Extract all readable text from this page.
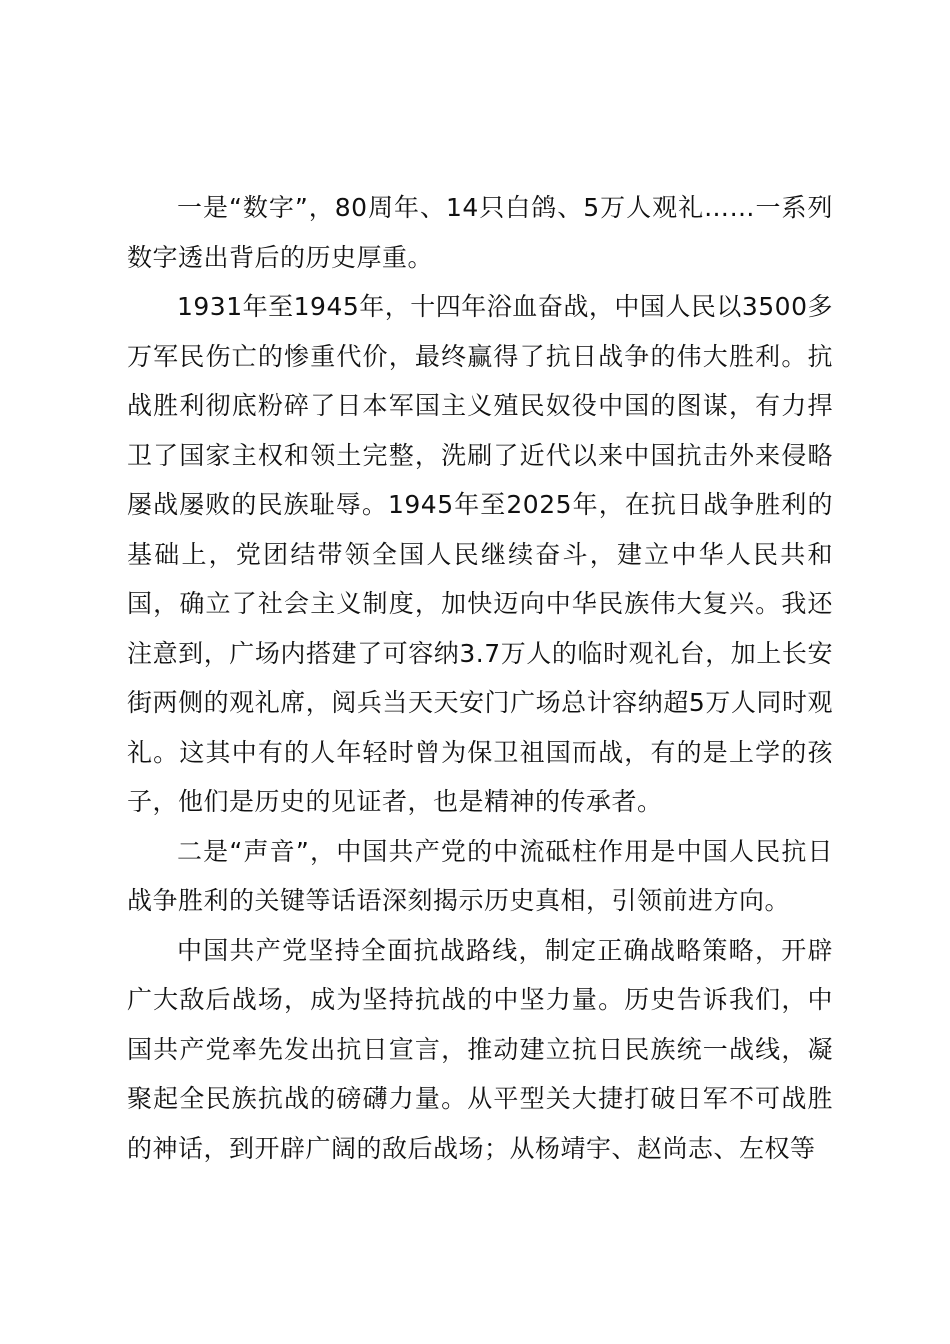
一是“数字”，80周年、14只白鸽、5万人观礼……一系列数字透出背后的历史厚重。

1931年至1945年，十四年浴血奋战，中国人民以3500多万军民伤亡的惨重代价，最终赢得了抗日战争的伟大胜利。抗战胜利彻底粉碎了日本军国主义殖民奴役中国的图谋，有力捍卫了国家主权和领土完整，洗刷了近代以来中国抗击外来侵略屡战屡败的民族耻辱。1945年至2025年，在抗日战争胜利的基础上，党团结带领全国人民继续奋斗，建立中华人民共和国，确立了社会主义制度，加快迈向中华民族伟大复兴。我还注意到，广场内搭建了可容纳3.7万人的临时观礼台，加上长安街两侧的观礼席，阅兵当天天安门广场总计容纳超5万人同时观礼。这其中有的人年轻时曾为保卫祖国而战，有的是上学的孩子，他们是历史的见证者，也是精神的传承者。

二是“声音”，中国共产党的中流砥柱作用是中国人民抗日战争胜利的关键等话语深刻揭示历史真相，引领前进方向。

中国共产党坚持全面抗战路线，制定正确战略策略，开辟广大敌后战场，成为坚持抗战的中坚力量。历史告诉我们，中国共产党率先发出抗日宣言，推动建立抗日民族统一战线，凝聚起全民族抗战的磅礴力量。从平型关大捷打破日军不可战胜的神话，到开辟广阔的敌后战场；从杨靖宇、赵尚志、左权等
